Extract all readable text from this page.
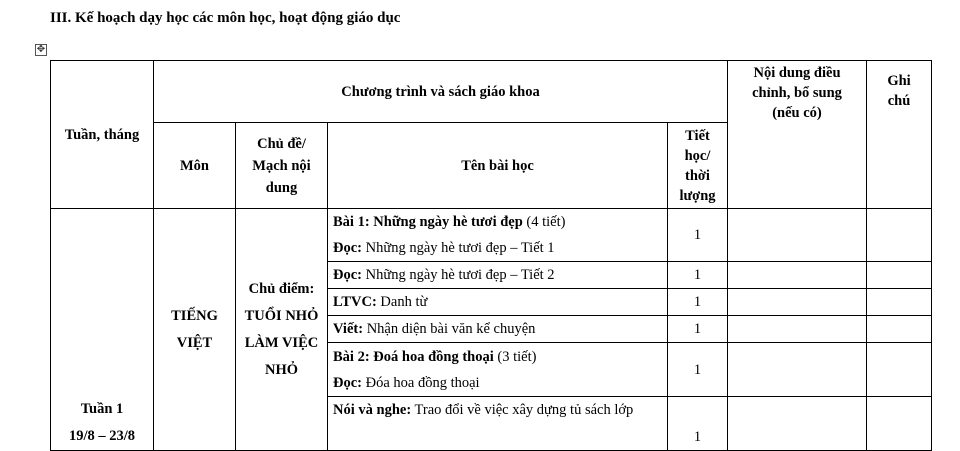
III. Kế hoạch dạy học các môn học, hoạt động giáo dục
✥
Tuần, tháng	Chương trình và sách giáo khoa				Nội dung điều
chỉnh, bổ sung
(nếu có)	Ghi
chú

	Môn	Chủ đề/
Mạch nội
dung	Tên bài học	Tiết
học/
thời
lượng		

Tuần 1
19/8 – 23/8	TIẾNG
VIỆT	Chủ điểm:
TUỔI NHỎ
LÀM VIỆC
NHỎ	Bài 1: Những ngày hè tươi đẹp (4 tiết)
Đọc: Những ngày hè tươi đẹp – Tiết 1	1		
			Đọc: Những ngày hè tươi đẹp – Tiết 2	1		
			LTVC: Danh từ	1		
			Viết: Nhận diện bài văn kể chuyện	1		

			Bài 2: Đoá hoa đồng thoại (3 tiết)
Đọc: Đóa hoa đồng thoại	1		
			Nói và nghe: Trao đổi về việc xây dựng tủ sách lớp	1		
